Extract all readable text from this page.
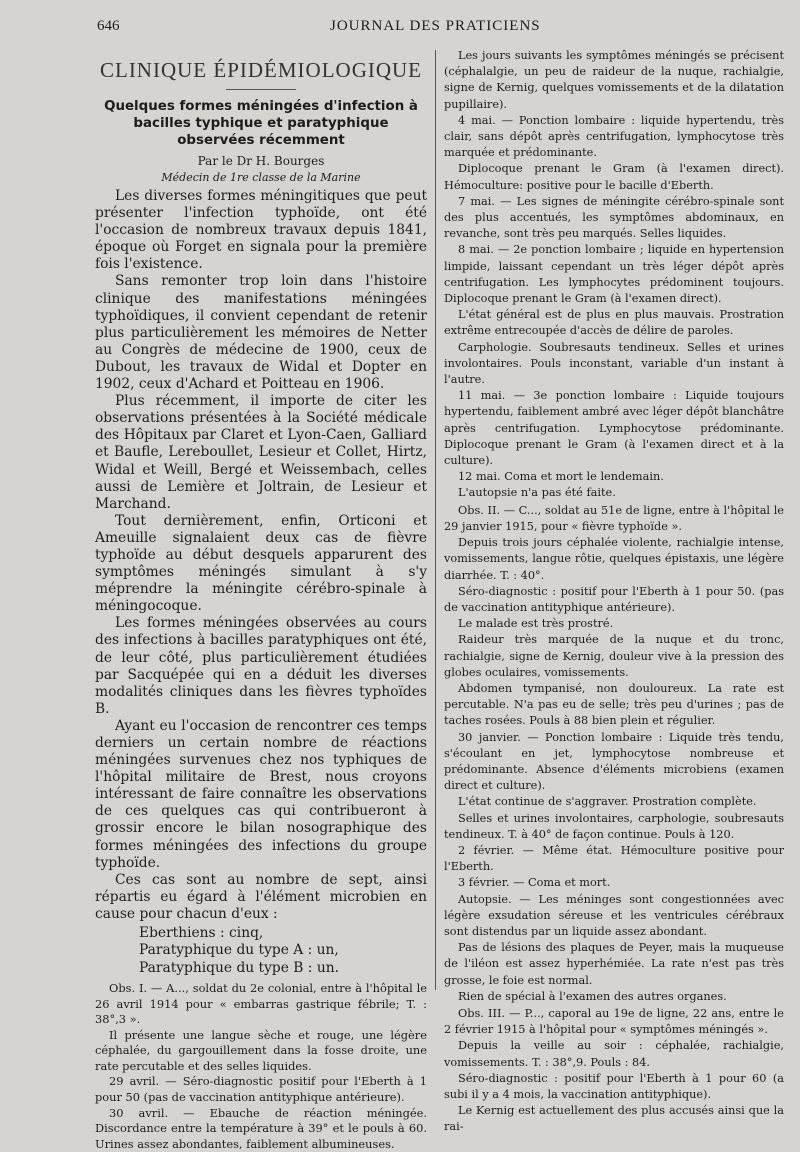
646	JOURNAL DES PRATICIENS
CLINIQUE ÉPIDÉMIOLOGIQUE
Quelques formes méningées d'infection à bacilles typhique et paratyphique observées récemment
Par le Dr H. Bourges
Médecin de 1re classe de la Marine

Les diverses formes méningitiques que peut présenter l'infection typhoïde, ont été l'occasion de nombreux travaux depuis 1841, époque où Forget en signala pour la première fois l'existence.

Sans remonter trop loin dans l'histoire clinique des manifestations méningées typhoïdiques, il convient cependant de retenir plus particulièrement les mémoires de Netter au Congrès de médecine de 1900, ceux de Dubout, les travaux de Widal et Dopter en 1902, ceux d'Achard et Poitteau en 1906.

Plus récemment, il importe de citer les observations présentées à la Société médicale des Hôpitaux par Claret et Lyon-Caen, Galliard et Baufle, Lereboullet, Lesieur et Collet, Hirtz, Widal et Weill, Bergé et Weissembach, celles aussi de Lemière et Joltrain, de Lesieur et Marchand.

Tout dernièrement, enfin, Orticoni et Ameuille signalaient deux cas de fièvre typhoïde au début desquels apparurent des symptômes méningés simulant à s'y méprendre la méningite cérébro-spinale à méningocoque.

Les formes méningées observées au cours des infections à bacilles paratyphiques ont été, de leur côté, plus particulièrement étudiées par Sacquépée qui en a déduit les diverses modalités cliniques dans les fièvres typhoïdes B.

Ayant eu l'occasion de rencontrer ces temps derniers un certain nombre de réactions méningées survenues chez nos typhiques de l'hôpital militaire de Brest, nous croyons intéressant de faire connaître les observations de ces quelques cas qui contribueront à grossir encore le bilan nosographique des formes méningées des infections du groupe typhoïde.

Ces cas sont au nombre de sept, ainsi répartis eu égard à l'élément microbien en cause pour chacun d'eux :

Eberthiens : cinq,
Paratyphique du type A : un,
Paratyphique du type B : un.

Obs. I. — A..., soldat du 2e colonial, entre à l'hôpital le 26 avril 1914 pour « embarras gastrique fébrile; T. : 38°,3 ».

Il présente une langue sèche et rouge, une légère céphalée, du gargouillement dans la fosse droite, une rate percutable et des selles liquides.

29 avril. — Séro-diagnostic positif pour l'Eberth à 1 pour 50 (pas de vaccination antityphique antérieure).

30 avril. — Ebauche de réaction méningée. Discordance entre la température à 39° et le pouls à 60. Urines assez abondantes, faiblement albumineuses.

Les jours suivants les symptômes méningés se précisent (céphalalgie, un peu de raideur de la nuque, rachialgie, signe de Kernig, quelques vomissements et de la dilatation pupillaire).

4 mai. — Ponction lombaire : liquide hypertendu, très clair, sans dépôt après centrifugation, lymphocytose très marquée et prédominante.

Diplocoque prenant le Gram (à l'examen direct). Hémoculture: positive pour le bacille d'Eberth.

7 mai. — Les signes de méningite cérébro-spinale sont des plus accentués, les symptômes abdominaux, en revanche, sont très peu marqués. Selles liquides.

8 mai. — 2e ponction lombaire ; liquide en hypertension limpide, laissant cependant un très léger dépôt après centrifugation. Les lymphocytes prédominent toujours. Diplocoque prenant le Gram (à l'examen direct).

L'état général est de plus en plus mauvais. Prostration extrême entrecoupée d'accès de délire de paroles.

Carphologie. Soubresauts tendineux. Selles et urines involontaires. Pouls inconstant, variable d'un instant à l'autre.

11 mai. — 3e ponction lombaire : Liquide toujours hypertendu, faiblement ambré avec léger dépôt blanchâtre après centrifugation. Lymphocytose prédominante. Diplocoque prenant le Gram (à l'examen direct et à la culture).

12 mai. Coma et mort le lendemain.

L'autopsie n'a pas été faite.

Obs. II. — C..., soldat au 51e de ligne, entre à l'hôpital le 29 janvier 1915, pour « fièvre typhoïde ».

Depuis trois jours céphalée violente, rachialgie intense, vomissements, langue rôtie, quelques épistaxis, une légère diarrhée. T. : 40°.

Séro-diagnostic : positif pour l'Eberth à 1 pour 50. (pas de vaccination antityphique antérieure).

Le malade est très prostré.

Raideur très marquée de la nuque et du tronc, rachialgie, signe de Kernig, douleur vive à la pression des globes oculaires, vomissements.

Abdomen tympanisé, non douloureux. La rate est percutable. N'a pas eu de selle; très peu d'urines ; pas de taches rosées. Pouls à 88 bien plein et régulier.

30 janvier. — Ponction lombaire : Liquide très tendu, s'écoulant en jet, lymphocytose nombreuse et prédominante. Absence d'éléments microbiens (examen direct et culture).

L'état continue de s'aggraver. Prostration complète.

Selles et urines involontaires, carphologie, soubresauts tendineux. T. à 40° de façon continue. Pouls à 120.

2 février. — Même état. Hémoculture positive pour l'Eberth.

3 février. — Coma et mort.

Autopsie. — Les méninges sont congestionnées avec légère exsudation séreuse et les ventricules cérébraux sont distendus par un liquide assez abondant.

Pas de lésions des plaques de Peyer, mais la muqueuse de l'iléon est assez hyperhémiée. La rate n'est pas très grosse, le foie est normal.

Rien de spécial à l'examen des autres organes.

Obs. III. — P..., caporal au 19e de ligne, 22 ans, entre le 2 février 1915 à l'hôpital pour « symptômes méningés ».

Depuis la veille au soir : céphalée, rachialgie, vomissements. T. : 38°,9. Pouls : 84.

Séro-diagnostic : positif pour l'Eberth à 1 pour 60 (a subi il y a 4 mois, la vaccination antityphique).

Le Kernig est actuellement des plus accusés ainsi que la rai-
